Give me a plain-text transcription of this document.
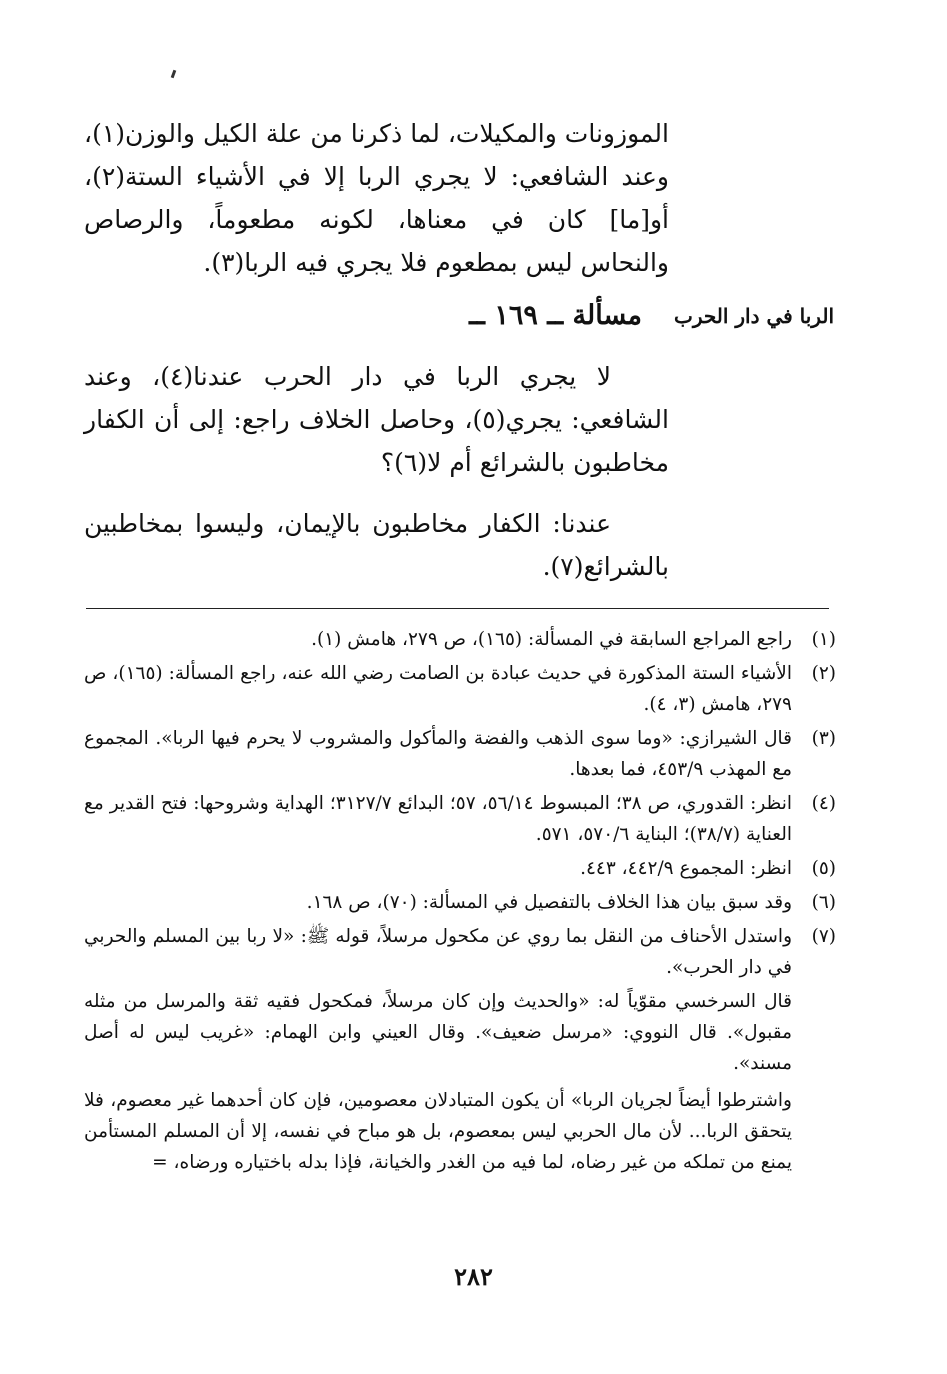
الموزونات والمكيلات، لما ذكرنا من علة الكيل والوزن(١)، وعند الشافعي: لا يجري الربا إلا في الأشياء الستة(٢)، أو[ما] كان في معناها، لكونه مطعوماً، والرصاص والنحاس ليس بمطعوم فلا يجري فيه الربا(٣).

الربا في دار الحرب
مسألة ــ ١٦٩ ــ

لا يجري الربا في دار الحرب عندنا(٤)، وعند الشافعي: يجري(٥)، وحاصل الخلاف راجع: إلى أن الكفار مخاطبون بالشرائع أم لا(٦)؟

عندنا: الكفار مخاطبون بالإيمان، وليسوا بمخاطبين بالشرائع(٧).

(١)
راجع المراجع السابقة في المسألة: (١٦٥)، ص ٢٧٩، هامش (١).
(٢)
الأشياء الستة المذكورة في حديث عبادة بن الصامت رضي الله عنه، راجع المسألة: (١٦٥)، ص ٢٧٩، هامش (٣، ٤).
(٣)
قال الشيرازي: «وما سوى الذهب والفضة والمأكول والمشروب لا يحرم فيها الربا». المجموع مع المهذب ٤٥٣/٩، فما بعدها.
(٤)
انظر: القدوري، ص ٣٨؛ المبسوط ٥٦/١٤، ٥٧؛ البدائع ٣١٢٧/٧؛ الهداية وشروحها: فتح القدير مع العناية (٣٨/٧)؛ البناية ٥٧٠/٦، ٥٧١.
(٥)
انظر: المجموع ٤٤٢/٩، ٤٤٣.
(٦)
وقد سبق بيان هذا الخلاف بالتفصيل في المسألة: (٧٠)، ص ١٦٨.
(٧)
واستدل الأحناف من النقل بما روي عن مكحول مرسلاً، قوله ﷺ: «لا ربا بين المسلم والحربي في دار الحرب».

قال السرخسي مقوّياً له: «والحديث وإن كان مرسلاً، فمكحول فقيه ثقة والمرسل من مثله مقبول». قال النووي: «مرسل ضعيف». وقال العيني وابن الهمام: «غريب ليس له أصل مسند».

واشترطوا أيضاً لجريان الربا» أن يكون المتبادلان معصومين، فإن كان أحدهما غير معصوم، فلا يتحقق الربا... لأن مال الحربي ليس بمعصوم، بل هو مباح في نفسه، إلا أن المسلم المستأمن يمنع من تملكه من غير رضاه، لما فيه من الغدر والخيانة، فإذا بدله باختياره ورضاه، =

٢٨٢
